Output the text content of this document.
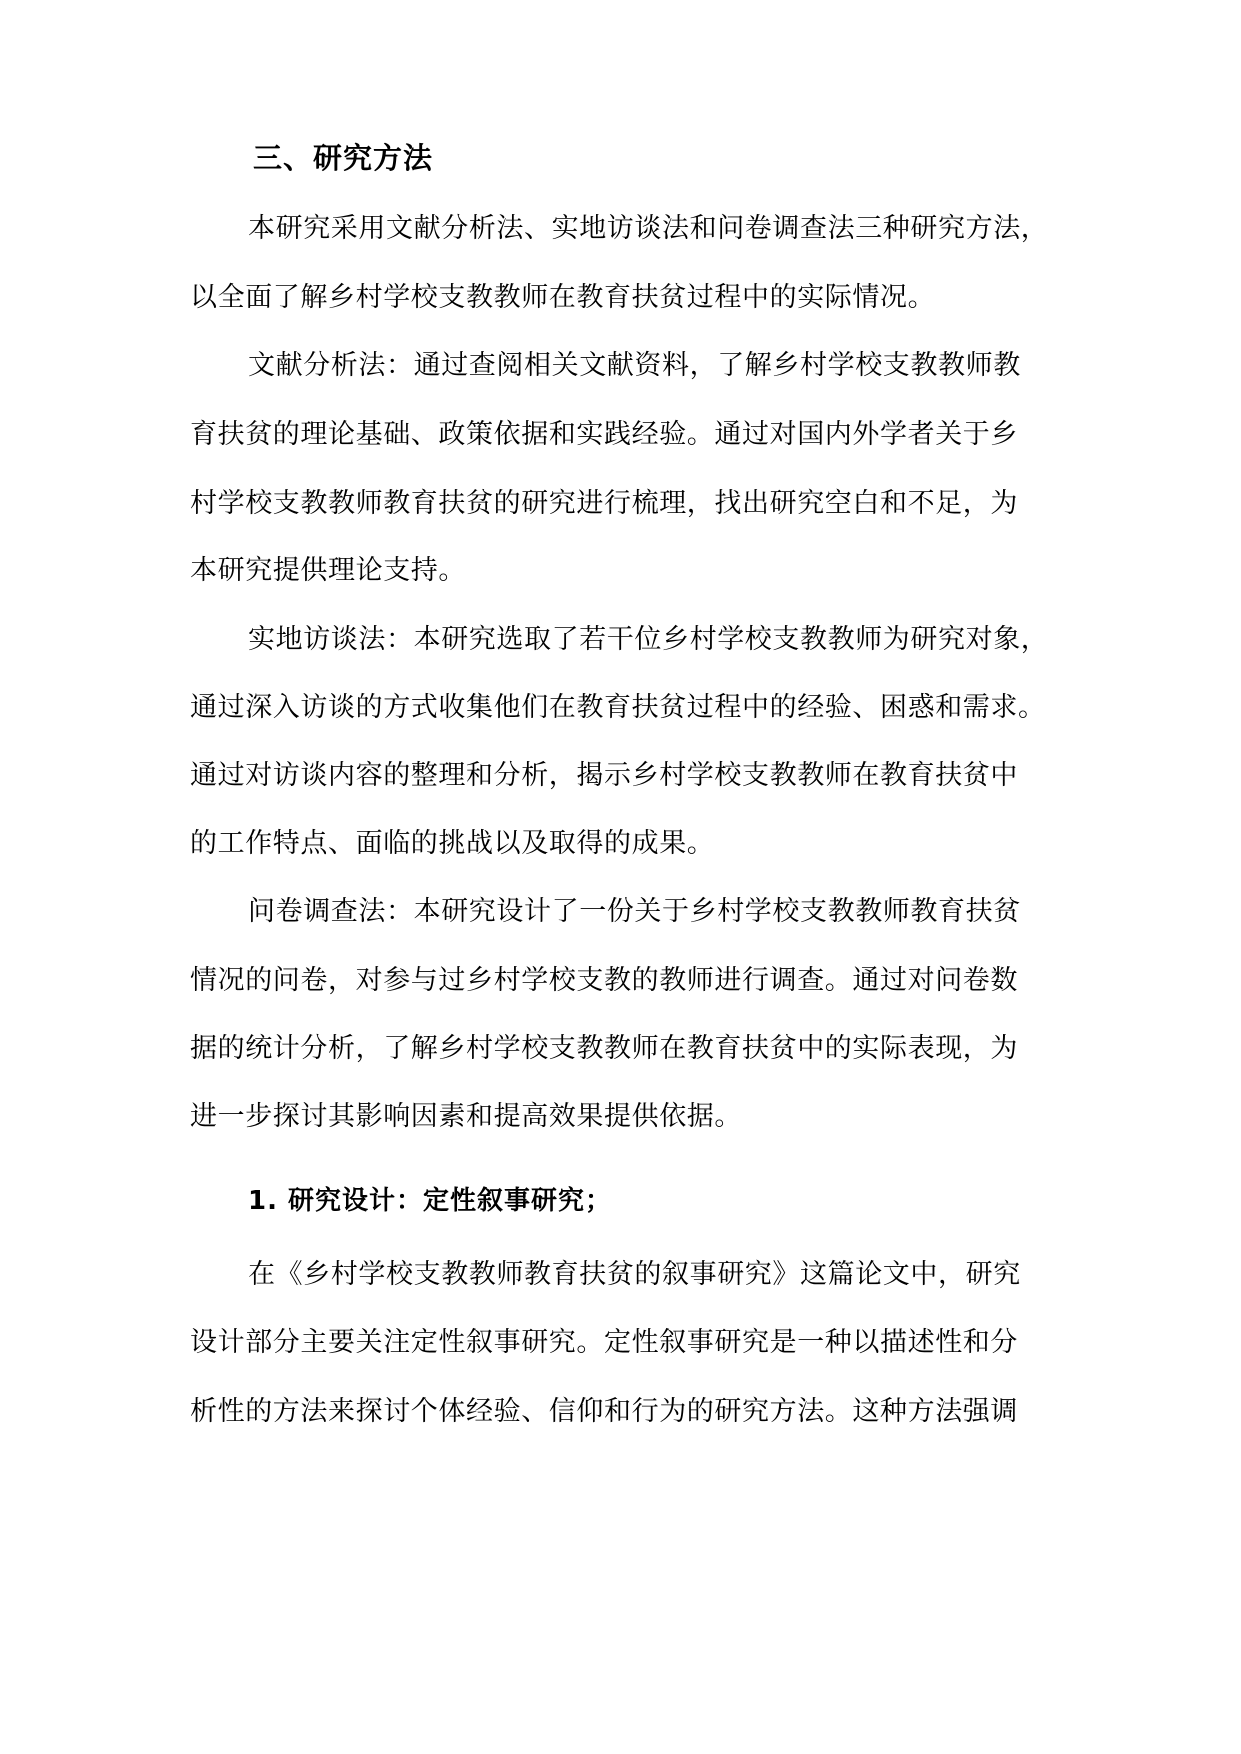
三、研究方法
本研究采用文献分析法、实地访谈法和问卷调查法三种研究方法，
以全面了解乡村学校支教教师在教育扶贫过程中的实际情况。
文献分析法：通过查阅相关文献资料，了解乡村学校支教教师教
育扶贫的理论基础、政策依据和实践经验。通过对国内外学者关于乡
村学校支教教师教育扶贫的研究进行梳理，找出研究空白和不足，为
本研究提供理论支持。
实地访谈法：本研究选取了若干位乡村学校支教教师为研究对象，
通过深入访谈的方式收集他们在教育扶贫过程中的经验、困惑和需求。
通过对访谈内容的整理和分析，揭示乡村学校支教教师在教育扶贫中
的工作特点、面临的挑战以及取得的成果。
问卷调查法：本研究设计了一份关于乡村学校支教教师教育扶贫
情况的问卷，对参与过乡村学校支教的教师进行调查。通过对问卷数
据的统计分析，了解乡村学校支教教师在教育扶贫中的实际表现，为
进一步探讨其影响因素和提高效果提供依据。
1. 研究设计：定性叙事研究；
在《乡村学校支教教师教育扶贫的叙事研究》这篇论文中，研究
设计部分主要关注定性叙事研究。定性叙事研究是一种以描述性和分
析性的方法来探讨个体经验、信仰和行为的研究方法。这种方法强调
